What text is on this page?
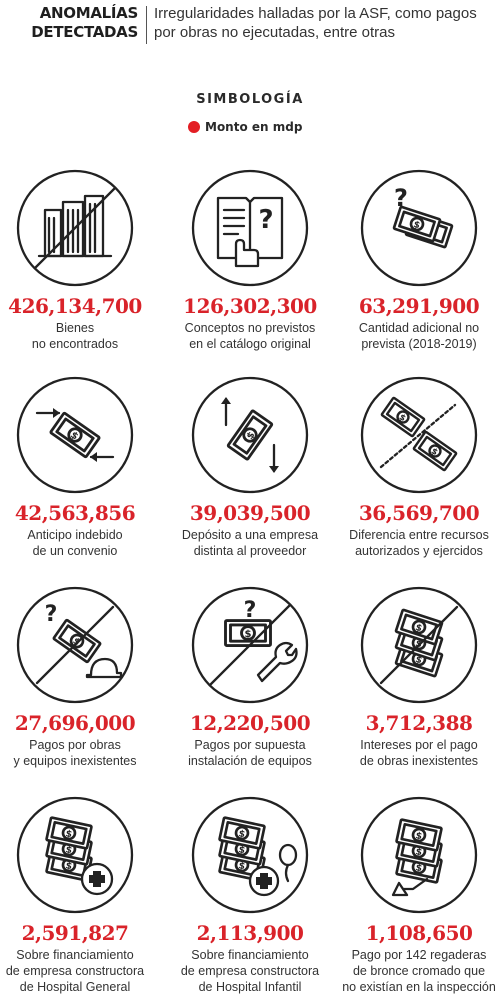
ANOMALÍAS
DETECTADAS
Irregularidades halladas por la ASF, como pagos por obras no ejecutadas, entre otras
SIMBOLOGÍA
Monto en mdp
426,134,700
Bienes
no encontrados
?
126,302,300
Conceptos no previstos
en el catálogo original
?
63,291,900
Cantidad adicional no
prevista (2018-2019)
42,563,856
Anticipo indebido
de un convenio
39,039,500
Depósito a una empresa
distinta al proveedor
36,569,700
Diferencia entre recursos
autorizados y ejercidos
?
27,696,000
Pagos por obras
y equipos inexistentes
?
12,220,500
Pagos por supuesta
instalación de equipos
3,712,388
Intereses por el pago
de obras inexistentes
2,591,827
Sobre financiamiento
de empresa constructora
de Hospital General
2,113,900
Sobre financiamiento
de empresa constructora
de Hospital Infantil
1,108,650
Pago por 142 regaderas
de bronce cromado que
no existían en la inspección
